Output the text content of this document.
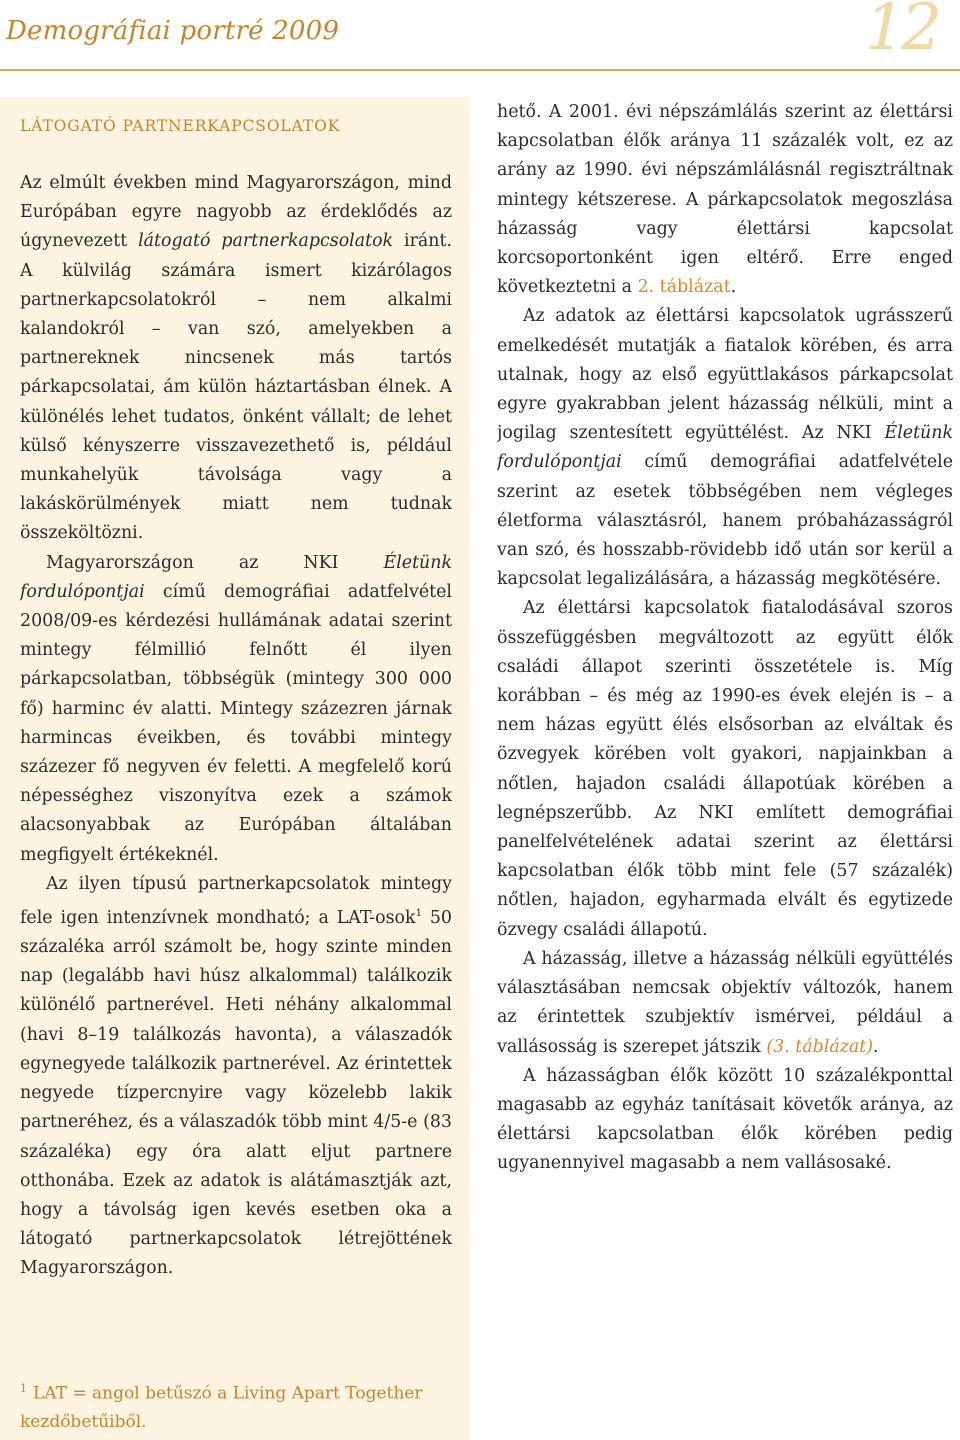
Demográfiai portré 2009	12
LÁTOGATÓ PARTNERKAPCSOLATOK

Az elmúlt években mind Magyarországon, mind Európában egyre nagyobb az érdeklődés az úgynevezett látogató partnerkapcsolatok iránt. A külvilág számára ismert kizárólagos partnerkapcsolatokról – nem alkalmi kalandokról – van szó, amelyekben a partnereknek nincsenek más tartós párkapcsolatai, ám külön háztartásban élnek. A különélés lehet tudatos, önként vállalt; de lehet külső kényszerre visszavezethető is, például munkahelyük távolsága vagy a lakáskörülmények miatt nem tudnak összeköltözni.

Magyarországon az NKI Életünk fordulópontjai című demográfiai adatfelvétel 2008/09-es kérdezési hullámának adatai szerint mintegy félmillió felnőtt él ilyen párkapcsolatban, többségük (mintegy 300 000 fő) harminc év alatti. Mintegy százezren járnak harmincas éveikben, és további mintegy százezer fő negyven év feletti. A megfelelő korú népességhez viszonyítva ezek a számok alacsonyabbak az Európában általában megfigyelt értékeknél.

Az ilyen típusú partnerkapcsolatok mintegy fele igen intenzívnek mondható; a LAT-osok$^1$ 50 százaléka arról számolt be, hogy szinte minden nap (legalább havi húsz alkalommal) találkozik különélő partnerével. Heti néhány alkalommal (havi 8–19 találkozás havonta), a válaszadók egynegyede találkozik partnerével. Az érintettek negyede tízpercnyire vagy közelebb lakik partneréhez, és a válaszadók több mint 4/5-e (83 százaléka) egy óra alatt eljut partnere otthonába. Ezek az adatok is alátámasztják azt, hogy a távolság igen kevés esetben oka a látogató partnerkapcsolatok létrejöttének Magyarországon.

$^1$ LAT = angol betűszó a Living Apart Together kezdőbetűiből.

hető. A 2001. évi népszámlálás szerint az élettársi kapcsolatban élők aránya 11 százalék volt, ez az arány az 1990. évi népszámlálásnál regisztráltnak mintegy kétszerese. A párkapcsolatok megoszlása házasság vagy élettársi kapcsolat korcsoportonként igen eltérő. Erre enged következtetni a 2. táblázat.

Az adatok az élettársi kapcsolatok ugrásszerű emelkedését mutatják a fiatalok körében, és arra utalnak, hogy az első együttlakásos párkapcsolat egyre gyakrabban jelent házasság nélküli, mint a jogilag szentesített együttélést. Az NKI Életünk fordulópontjai című demográfiai adatfelvétele szerint az esetek többségében nem végleges életforma választásról, hanem próbaházasságról van szó, és hosszabb-rövidebb idő után sor kerül a kapcsolat legalizálására, a házasság megkötésére.

Az élettársi kapcsolatok fiatalodásával szoros összefüggésben megváltozott az együtt élők családi állapot szerinti összetétele is. Míg korábban – és még az 1990-es évek elején is – a nem házas együtt élés elsősorban az elváltak és özvegyek körében volt gyakori, napjainkban a nőtlen, hajadon családi állapotúak körében a legnépszerűbb. Az NKI említett demográfiai panelfelvételének adatai szerint az élettársi kapcsolatban élők több mint fele (57 százalék) nőtlen, hajadon, egyharmada elvált és egytizede özvegy családi állapotú.

A házasság, illetve a házasság nélküli együttélés választásában nemcsak objektív változók, hanem az érintettek szubjektív ismérvei, például a vallásosság is szerepet játszik (3. táblázat).

A házasságban élők között 10 százalékponttal magasabb az egyház tanításait követők aránya, az élettársi kapcsolatban élők körében pedig ugyanennyivel magasabb a nem vallásosaké.
